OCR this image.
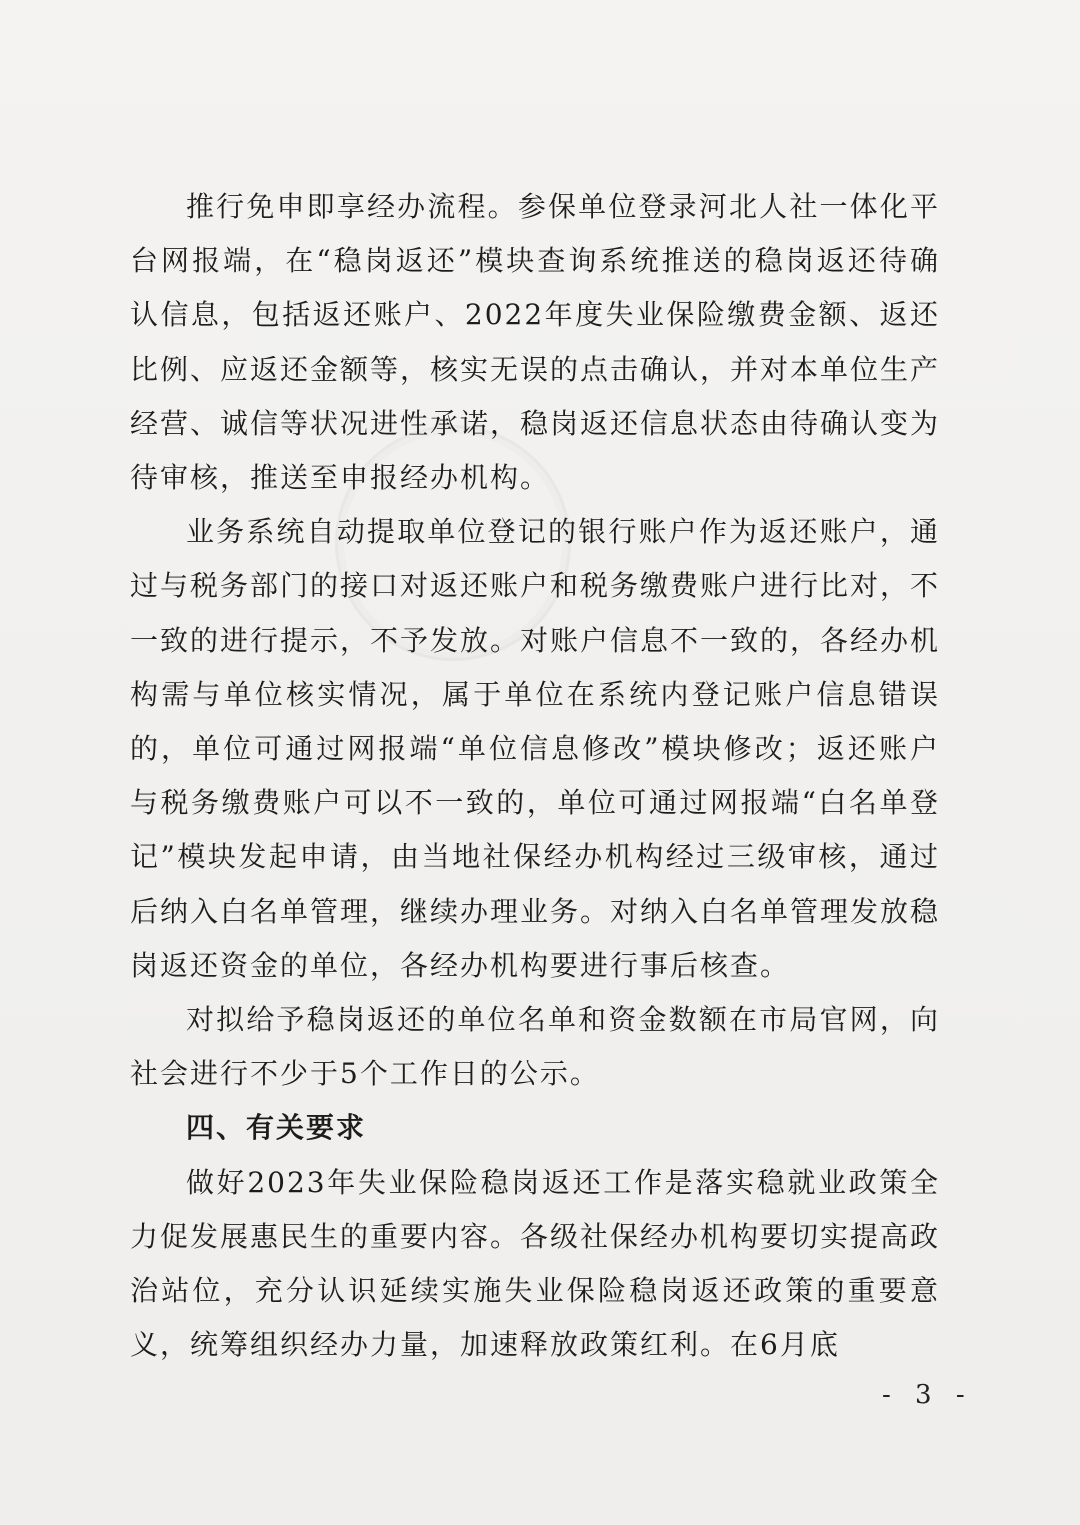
推行免申即享经办流程。参保单位登录河北人社一体化平台网报端，在“稳岗返还”模块查询系统推送的稳岗返还待确认信息，包括返还账户、2022年度失业保险缴费金额、返还比例、应返还金额等，核实无误的点击确认，并对本单位生产经营、诚信等状况进性承诺，稳岗返还信息状态由待确认变为待审核，推送至申报经办机构。

业务系统自动提取单位登记的银行账户作为返还账户，通过与税务部门的接口对返还账户和税务缴费账户进行比对，不一致的进行提示，不予发放。对账户信息不一致的，各经办机构需与单位核实情况，属于单位在系统内登记账户信息错误的，单位可通过网报端“单位信息修改”模块修改；返还账户与税务缴费账户可以不一致的，单位可通过网报端“白名单登记”模块发起申请，由当地社保经办机构经过三级审核，通过后纳入白名单管理，继续办理业务。对纳入白名单管理发放稳岗返还资金的单位，各经办机构要进行事后核查。

对拟给予稳岗返还的单位名单和资金数额在市局官网，向社会进行不少于5个工作日的公示。

四、有关要求

做好2023年失业保险稳岗返还工作是落实稳就业政策全力促发展惠民生的重要内容。各级社保经办机构要切实提高政治站位，充分认识延续实施失业保险稳岗返还政策的重要意义，统筹组织经办力量，加速释放政策红利。在6月底

- 3 -
